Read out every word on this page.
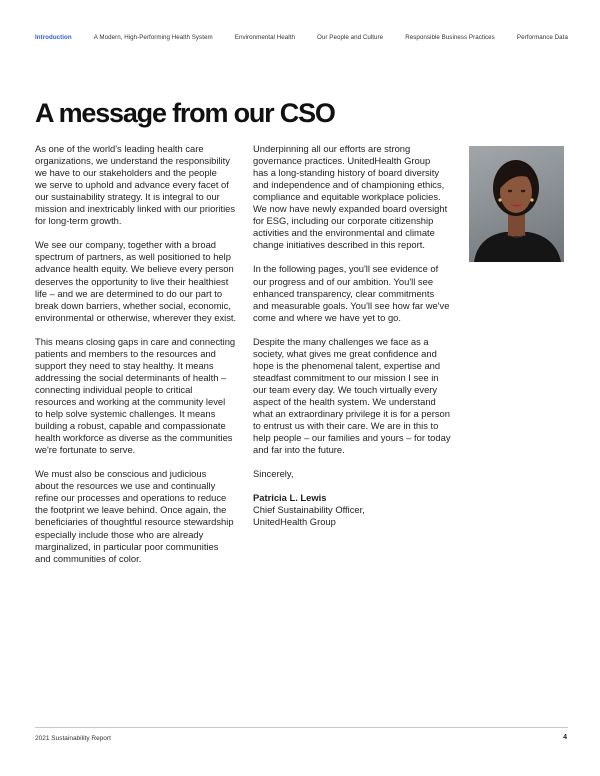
Introduction	A Modern, High-Performing Health System	Environmental Health	Our People and Culture	Responsible Business Practices	Performance Data
A message from our CSO

As one of the world's leading health care
organizations, we understand the responsibility
we have to our stakeholders and the people
we serve to uphold and advance every facet of
our sustainability strategy. It is integral to our
mission and inextricably linked with our priorities
for long-term growth.

We see our company, together with a broad
spectrum of partners, as well positioned to help
advance health equity. We believe every person
deserves the opportunity to live their healthiest
life – and we are determined to do our part to
break down barriers, whether social, economic,
environmental or otherwise, wherever they exist.

This means closing gaps in care and connecting
patients and members to the resources and
support they need to stay healthy. It means
addressing the social determinants of health –
connecting individual people to critical
resources and working at the community level
to help solve systemic challenges. It means
building a robust, capable and compassionate
health workforce as diverse as the communities
we're fortunate to serve.

We must also be conscious and judicious
about the resources we use and continually
refine our processes and operations to reduce
the footprint we leave behind. Once again, the
beneficiaries of thoughtful resource stewardship
especially include those who are already
marginalized, in particular poor communities
and communities of color.

Underpinning all our efforts are strong
governance practices. UnitedHealth Group
has a long-standing history of board diversity
and independence and of championing ethics,
compliance and equitable workplace policies.
We now have newly expanded board oversight
for ESG, including our corporate citizenship
activities and the environmental and climate
change initiatives described in this report.

In the following pages, you'll see evidence of
our progress and of our ambition. You'll see
enhanced transparency, clear commitments
and measurable goals. You'll see how far we've
come and where we have yet to go.

Despite the many challenges we face as a
society, what gives me great confidence and
hope is the phenomenal talent, expertise and
steadfast commitment to our mission I see in
our team every day. We touch virtually every
aspect of the health system. We understand
what an extraordinary privilege it is for a person
to entrust us with their care. We are in this to
help people – our families and yours – for today
and far into the future.

Sincerely,

Patricia L. Lewis
Chief Sustainability Officer,
UnitedHealth Group

2021 Sustainability Report	4
